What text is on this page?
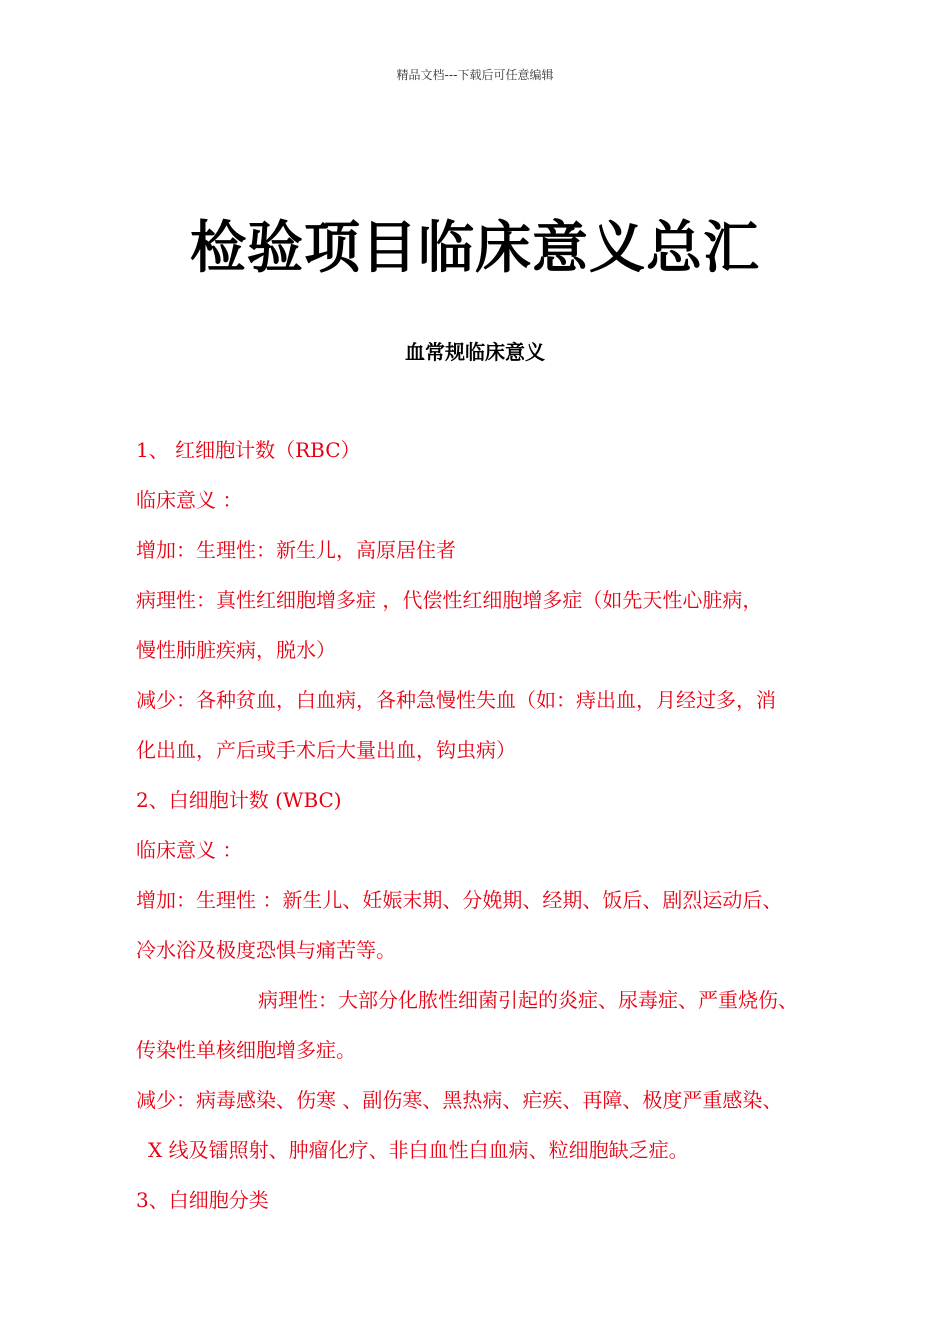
精品文档---下载后可任意编辑
检验项目临床意义总汇
血常规临床意义
1、 红细胞计数（RBC）
临床意义 ：
增加：生理性：新生儿，高原居住者
病理性：真性红细胞增多症 ，代偿性红细胞增多症（如先天性心脏病，
慢性肺脏疾病，脱水）
减少：各种贫血，白血病，各种急慢性失血（如：痔出血，月经过多，消
化出血，产后或手术后大量出血，钩虫病）
2、白细胞计数 (WBC)
临床意义 ：
增加：生理性 ：新生儿、妊娠末期、分娩期、经期、饭后、剧烈运动后、
冷水浴及极度恐惧与痛苦等。
病理性：大部分化脓性细菌引起的炎症、尿毒症、严重烧伤、
传染性单核细胞增多症。
减少：病毒感染、伤寒 、副伤寒、黑热病、疟疾、再障、极度严重感染、
X 线及镭照射、肿瘤化疗、非白血性白血病、粒细胞缺乏症。
3、白细胞分类
